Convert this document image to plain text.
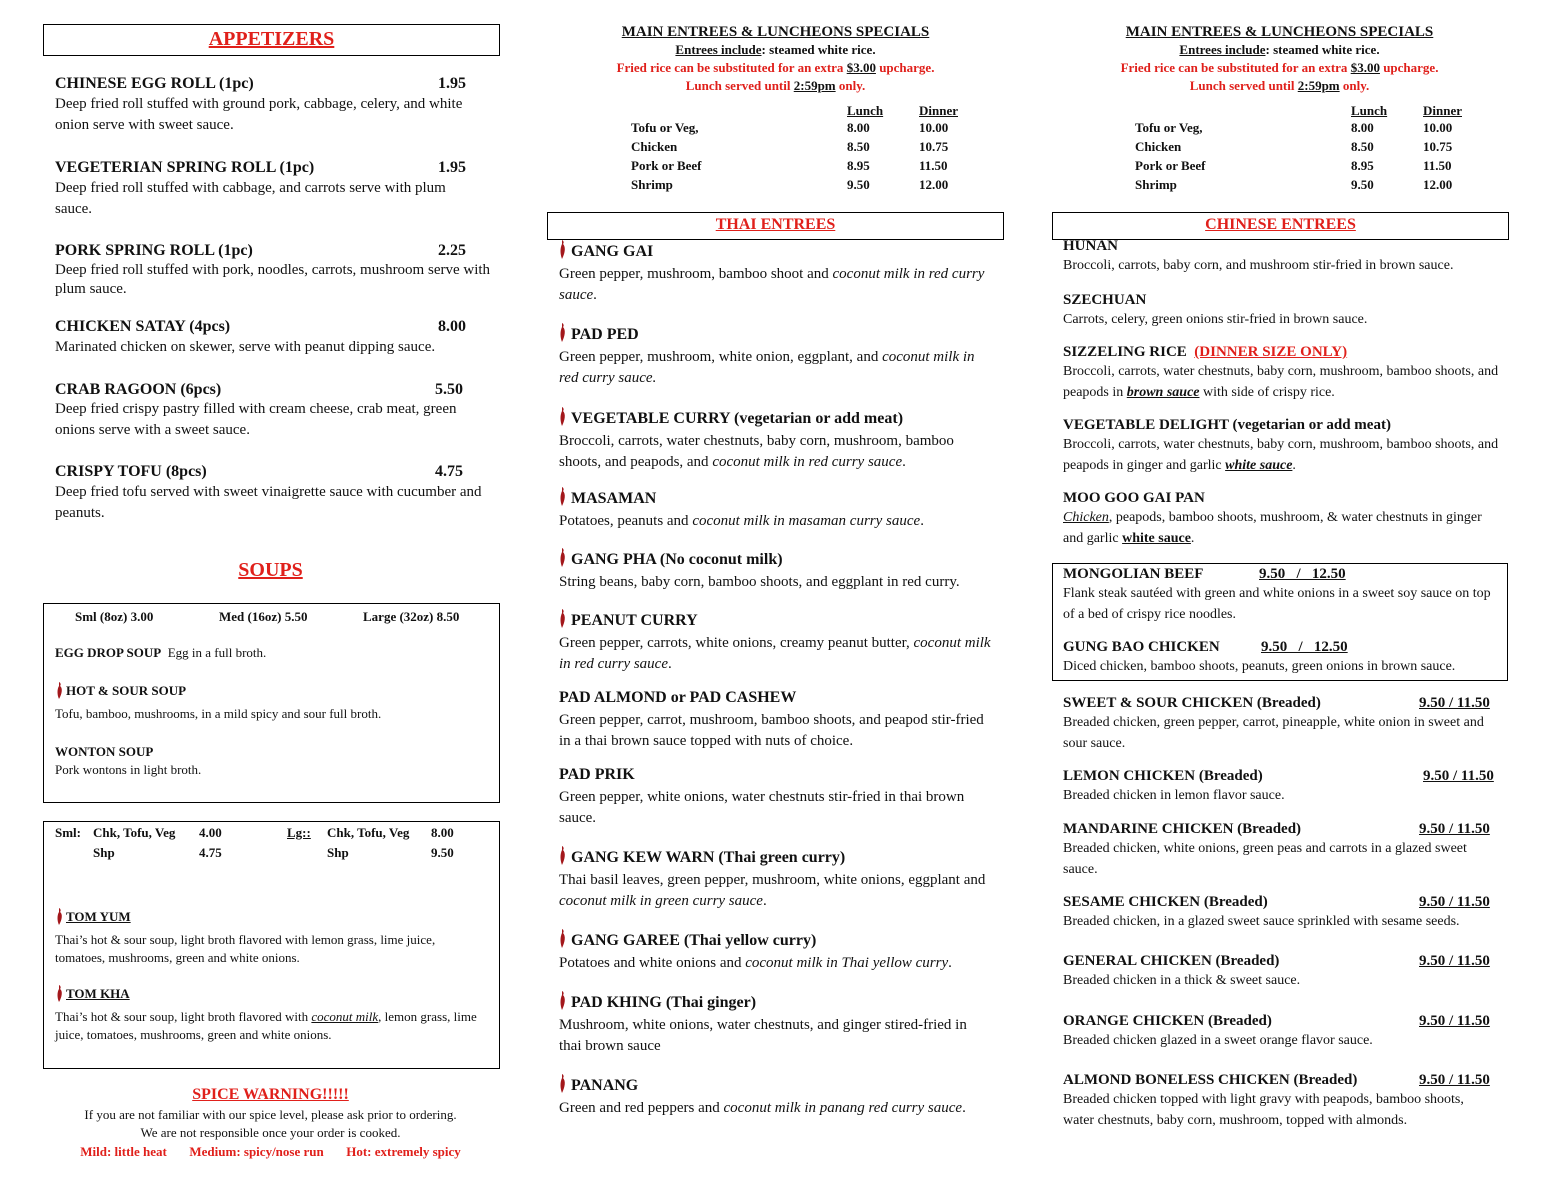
APPETIZERS
CHINESE EGG ROLL (1pc)	1.95
Deep fried roll stuffed with ground pork, cabbage, celery, and white onion serve with sweet sauce.
VEGETERIAN SPRING ROLL (1pc)	1.95
Deep fried roll stuffed with cabbage, and carrots serve with plum sauce.
PORK SPRING ROLL (1pc)	2.25
Deep fried roll stuffed with pork, noodles, carrots, mushroom serve with plum sauce.
CHICKEN SATAY (4pcs)	8.00
Marinated chicken on skewer, serve with peanut dipping sauce.
CRAB RAGOON (6pcs)	5.50
Deep fried crispy pastry filled with cream cheese, crab meat, green onions serve with a sweet sauce.
CRISPY TOFU (8pcs)	4.75
Deep fried tofu served with sweet vinaigrette sauce with cucumber and peanuts.
SOUPS
Sml (8oz) 3.00	Med (16oz) 5.50	Large (32oz) 8.50
EGG DROP SOUP Egg in a full broth.
HOT & SOUR SOUP
Tofu, bamboo, mushrooms, in a mild spicy and sour full broth.
WONTON SOUP
Pork wontons in light broth.
Sml: Chk, Tofu, Veg 4.00	Lg:: Chk, Tofu, Veg 8.00
Shp	4.75	Shp	9.50
TOM YUM
Thai’s hot & sour soup, light broth flavored with lemon grass, lime juice, tomatoes, mushrooms, green and white onions.
TOM KHA
Thai’s hot & sour soup, light broth flavored with coconut milk, lemon grass, lime juice, tomatoes, mushrooms, green and white onions.
SPICE WARNING!!!!!
If you are not familiar with our spice level, please ask prior to ordering.
We are not responsible once your order is cooked.
Mild: little heat Medium: spicy/nose run Hot: extremely spicy
MAIN ENTREES & LUNCHEONS SPECIALS
Entrees include: steamed white rice.
Fried rice can be substituted for an extra $3.00 upcharge.
Lunch served until 2:59pm only.
Lunch	Dinner
Tofu or Veg,	8.00	10.00
Chicken	8.50	10.75
Pork or Beef	8.95	11.50
Shrimp	9.50	12.00
THAI ENTREES
GANG GAI
Green pepper, mushroom, bamboo shoot and coconut milk in red curry sauce.
PAD PED
Green pepper, mushroom, white onion, eggplant, and coconut milk in red curry sauce.
VEGETABLE CURRY (vegetarian or add meat)
Broccoli, carrots, water chestnuts, baby corn, mushroom, bamboo shoots, and peapods, and coconut milk in red curry sauce.
MASAMAN
Potatoes, peanuts and coconut milk in masaman curry sauce.
GANG PHA (No coconut milk)
String beans, baby corn, bamboo shoots, and eggplant in red curry.
PEANUT CURRY
Green pepper, carrots, white onions, creamy peanut butter, coconut milk in red curry sauce.
PAD ALMOND or PAD CASHEW
Green pepper, carrot, mushroom, bamboo shoots, and peapod stir-fried in a thai brown sauce topped with nuts of choice.
PAD PRIK
Green pepper, white onions, water chestnuts stir-fried in thai brown sauce.
GANG KEW WARN (Thai green curry)
Thai basil leaves, green pepper, mushroom, white onions, eggplant and coconut milk in green curry sauce.
GANG GAREE (Thai yellow curry)
Potatoes and white onions and coconut milk in Thai yellow curry.
PAD KHING (Thai ginger)
Mushroom, white onions, water chestnuts, and ginger stired-fried in thai brown sauce
PANANG
Green and red peppers and coconut milk in panang red curry sauce.
MAIN ENTREES & LUNCHEONS SPECIALS
Entrees include: steamed white rice.
Fried rice can be substituted for an extra $3.00 upcharge.
Lunch served until 2:59pm only.
Lunch	Dinner
Tofu or Veg,	8.00	10.00
Chicken	8.50	10.75
Pork or Beef	8.95	11.50
Shrimp	9.50	12.00
CHINESE ENTREES
HUNAN
Broccoli, carrots, baby corn, and mushroom stir-fried in brown sauce.
SZECHUAN
Carrots, celery, green onions stir-fried in brown sauce.
SIZZELING RICE (DINNER SIZE ONLY)
Broccoli, carrots, water chestnuts, baby corn, mushroom, bamboo shoots, and peapods in brown sauce with side of crispy rice.
VEGETABLE DELIGHT (vegetarian or add meat)
Broccoli, carrots, water chestnuts, baby corn, mushroom, bamboo shoots, and peapods in ginger and garlic white sauce.
MOO GOO GAI PAN
Chicken, peapods, bamboo shoots, mushroom, & water chestnuts in ginger and garlic white sauce.
MONGOLIAN BEEF	9.50   /   12.50
Flank steak sautéed with green and white onions in a sweet soy sauce on top of a bed of crispy rice noodles.
GUNG BAO CHICKEN	9.50   /   12.50
Diced chicken, bamboo shoots, peanuts, green onions in brown sauce.
SWEET & SOUR CHICKEN (Breaded)	9.50 / 11.50
Breaded chicken, green pepper, carrot, pineapple, white onion in sweet and sour sauce.
LEMON CHICKEN (Breaded)	9.50 / 11.50
Breaded chicken in lemon flavor sauce.
MANDARINE CHICKEN (Breaded)	9.50 / 11.50
Breaded chicken, white onions, green peas and carrots in a glazed sweet sauce.
SESAME CHICKEN (Breaded)	9.50 / 11.50
Breaded chicken, in a glazed sweet sauce sprinkled with sesame seeds.
GENERAL CHICKEN (Breaded)	9.50 / 11.50
Breaded chicken in a thick & sweet sauce.
ORANGE CHICKEN (Breaded)	9.50 / 11.50
Breaded chicken glazed in a sweet orange flavor sauce.
ALMOND BONELESS CHICKEN (Breaded)	9.50 / 11.50
Breaded chicken topped with light gravy with peapods, bamboo shoots, water chestnuts, baby corn, mushroom, topped with almonds.
